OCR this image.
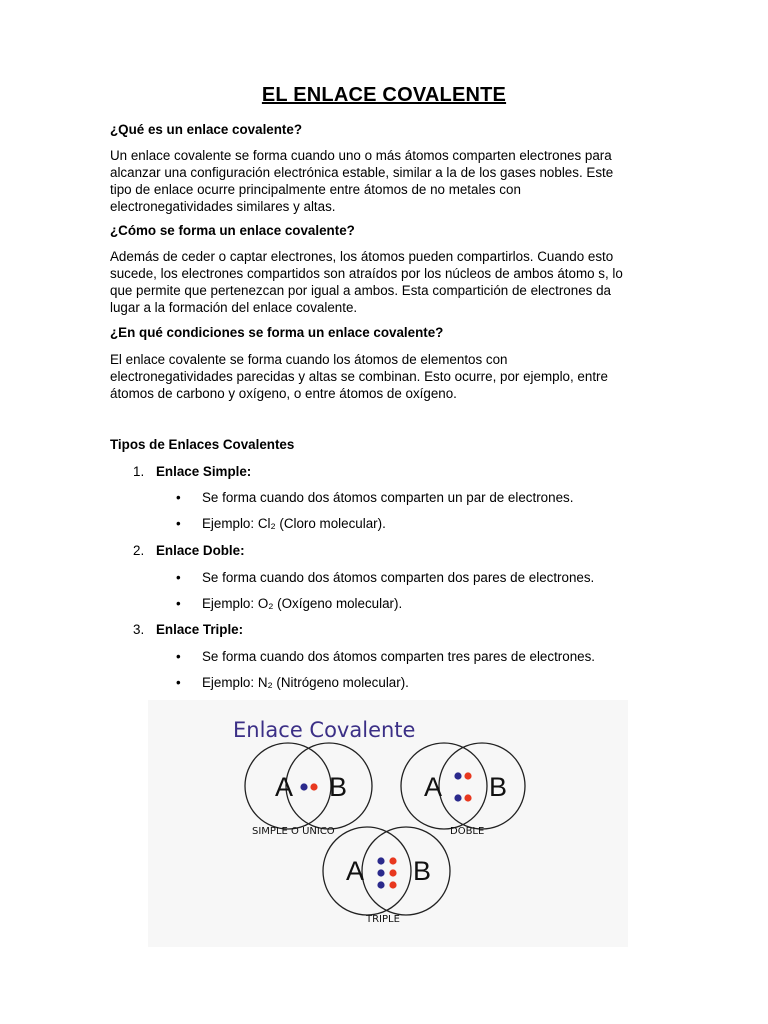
EL ENLACE COVALENTE
¿Qué es un enlace covalente?
Un enlace covalente se forma cuando uno o más átomos comparten electrones para
alcanzar una configuración electrónica estable, similar a la de los gases nobles. Este
tipo de enlace ocurre principalmente entre átomos de no metales con
electronegatividades similares y altas.
¿Cómo se forma un enlace covalente?
Además de ceder o captar electrones, los átomos pueden compartirlos. Cuando esto
sucede, los electrones compartidos son atraídos por los núcleos de ambos átomo s, lo
que permite que pertenezcan por igual a ambos. Esta compartición de electrones da
lugar a la formación del enlace covalente.
¿En qué condiciones se forma un enlace covalente?
El enlace covalente se forma cuando los átomos de elementos con
electronegatividades parecidas y altas se combinan. Esto ocurre, por ejemplo, entre
átomos de carbono y oxígeno, o entre átomos de oxígeno.
Tipos de Enlaces Covalentes
1. Enlace Simple:
• Se forma cuando dos átomos comparten un par de electrones.
• Ejemplo: Cl₂ (Cloro molecular).
2. Enlace Doble:
• Se forma cuando dos átomos comparten dos pares de electrones.
• Ejemplo: O₂ (Oxígeno molecular).
3. Enlace Triple:
• Se forma cuando dos átomos comparten tres pares de electrones.
• Ejemplo: N₂ (Nitrógeno molecular).
Enlace Covalente
A B
SIMPLE O ÚNICO
A B
DOBLE
A B
TRIPLE
